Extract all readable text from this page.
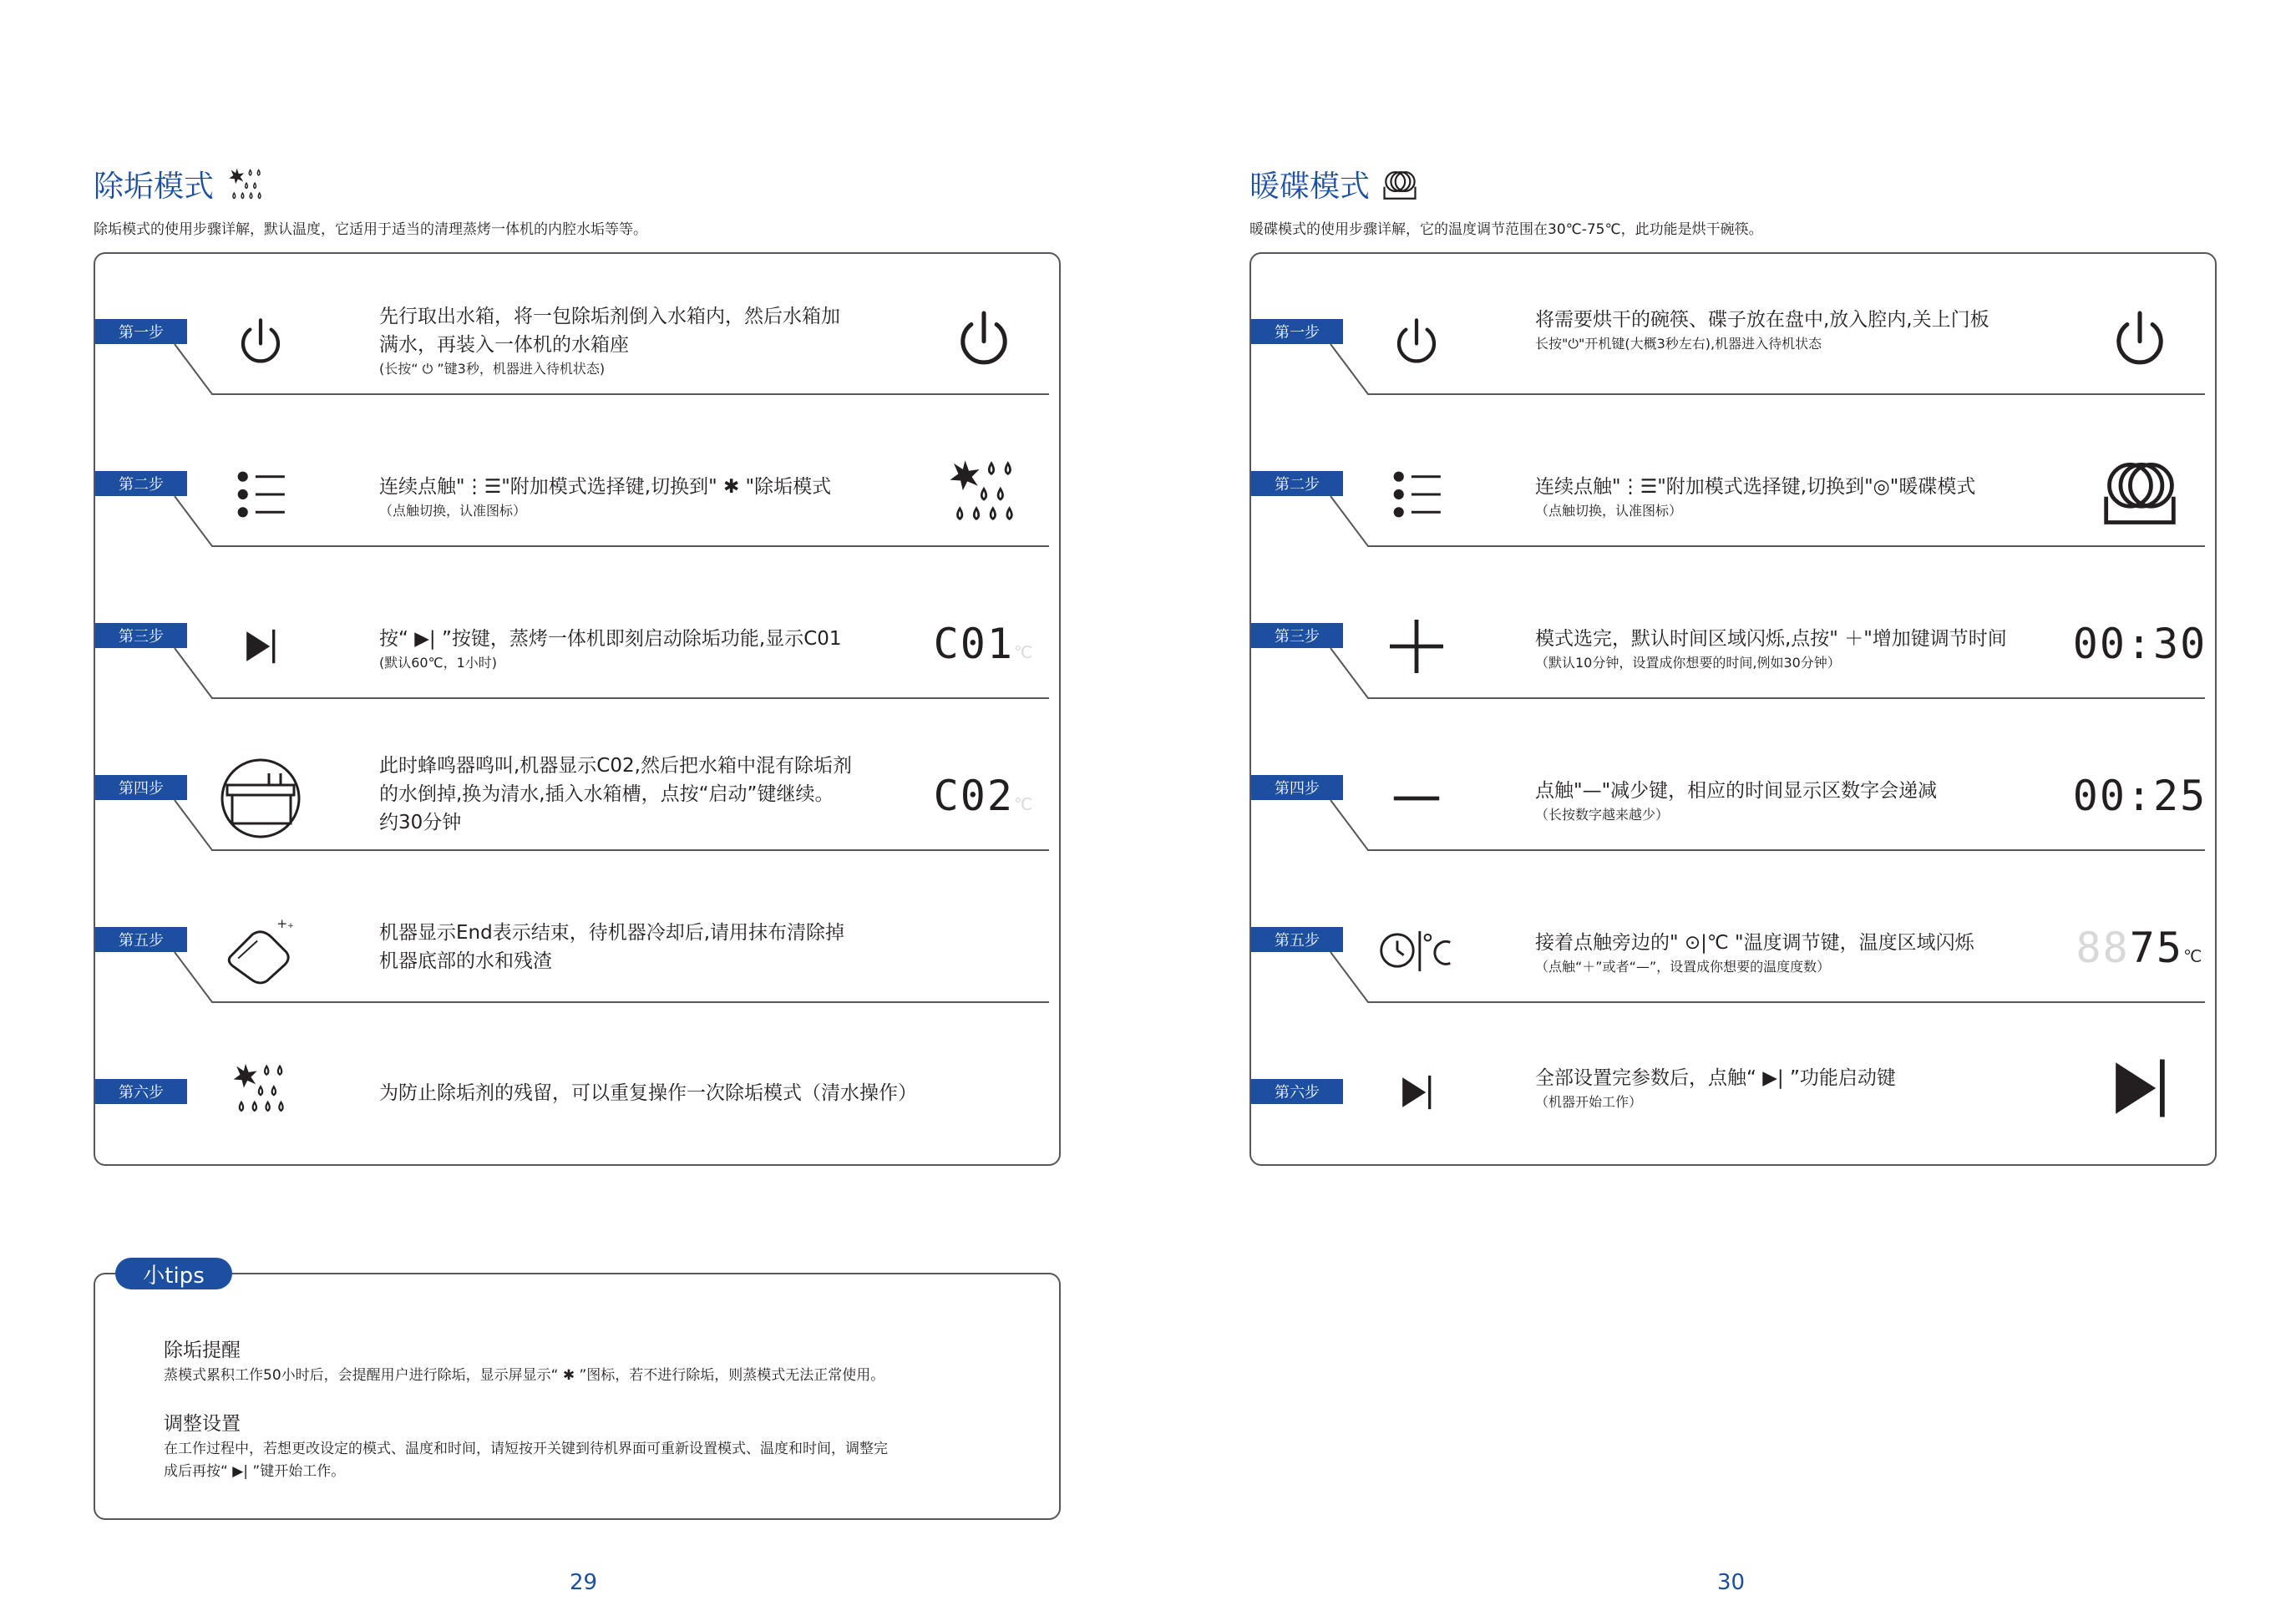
除垢模式
除垢模式的使用步骤详解，默认温度，它适用于适当的清理蒸烤一体机的内腔水垢等等。
第一步
先行取出水箱，将一包除垢剂倒入水箱内，然后水箱加
满水，再装入一体机的水箱座
(长按“ ⏻ ”键3秒，机器进入待机状态)
第二步	连续点触"⋮☰"附加模式选择键,切换到" ✱ "除垢模式
（点触切换，认准图标）
第三步	按“ ▶| ”按键，蒸烤一体机即刻启动除垢功能,显示C01
(默认60℃，1小时)	C01℃
第四步
此时蜂鸣器鸣叫,机器显示C02,然后把水箱中混有除垢剂
的水倒掉,换为清水,插入水箱槽，点按“启动”键继续。
约30分钟
C02℃
第五步	机器显示End表示结束，待机器冷却后,请用抹布清除掉
机器底部的水和残渣
第六步	为防止除垢剂的残留，可以重复操作一次除垢模式（清水操作）
小tips
除垢提醒
蒸模式累积工作50小时后，会提醒用户进行除垢，显示屏显示“ ✱ ”图标，若不进行除垢，则蒸模式无法正常使用。
调整设置
在工作过程中，若想更改设定的模式、温度和时间，请短按开关键到待机界面可重新设置模式、温度和时间，调整完
成后再按“ ▶| ”键开始工作。
29
暖碟模式
暖碟模式的使用步骤详解，它的温度调节范围在30℃-75℃，此功能是烘干碗筷。
第一步
将需要烘干的碗筷、碟子放在盘中,放入腔内,关上门板
长按"⏻"开机键(大概3秒左右),机器进入待机状态
第二步	连续点触"⋮☰"附加模式选择键,切换到"◎"暖碟模式
（点触切换，认准图标）
第三步	模式选完，默认时间区域闪烁,点按" ＋"增加键调节时间
（默认10分钟，设置成你想要的时间,例如30分钟）	00:30
第四步	点触"—"减少键，相应的时间显示区数字会递减
（长按数字越来越少）	00:25
第五步	接着点触旁边的" ⊙|℃ "温度调节键，温度区域闪烁
（点触“＋”或者“—”，设置成你想要的温度度数）	8875℃
第六步
全部设置完参数后，点触“ ▶| ”功能启动键
（机器开始工作）
30
